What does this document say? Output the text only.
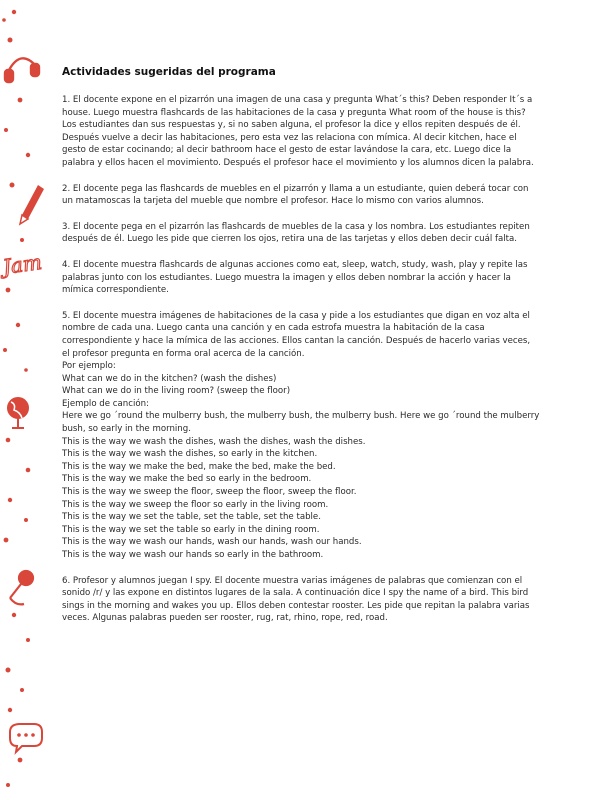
Jam
Actividades sugeridas del programa

1. El docente expone en el pizarrón una imagen de una casa y pregunta What´s this? Deben responder It´s a house. Luego muestra flashcards de las habitaciones de la casa y pregunta What room of the house is this? Los estudiantes dan sus respuestas y, si no saben alguna, el profesor la dice y ellos repiten después de él. Después vuelve a decir las habitaciones, pero esta vez las relaciona con mímica. Al decir kitchen, hace el gesto de estar cocinando; al decir bathroom hace el gesto de estar lavándose la cara, etc. Luego dice la palabra y ellos hacen el movimiento. Después el profesor hace el movimiento y los alumnos dicen la palabra.

2. El docente pega las flashcards de muebles en el pizarrón y llama a un estudiante, quien deberá tocar con un matamoscas la tarjeta del mueble que nombre el profesor. Hace lo mismo con varios alumnos.

3. El docente pega en el pizarrón las flashcards de muebles de la casa y los nombra. Los estudiantes repiten después de él. Luego les pide que cierren los ojos, retira una de las tarjetas y ellos deben decir cuál falta.

4. El docente muestra flashcards de algunas acciones como eat, sleep, watch, study, wash, play y repite las palabras junto con los estudiantes. Luego muestra la imagen y ellos deben nombrar la acción y hacer la mímica correspondiente.

5. El docente muestra imágenes de habitaciones de la casa y pide a los estudiantes que digan en voz alta el nombre de cada una. Luego canta una canción y en cada estrofa muestra la habitación de la casa correspondiente y hace la mímica de las acciones. Ellos cantan la canción. Después de hacerlo varias veces, el profesor pregunta en forma oral acerca de la canción.
Por ejemplo:
What can we do in the kitchen? (wash the dishes)
What can we do in the living room? (sweep the floor)
Ejemplo de canción:
Here we go ´round the mulberry bush, the mulberry bush, the mulberry bush. Here we go ´round the mulberry bush, so early in the morning.
This is the way we wash the dishes, wash the dishes, wash the dishes.
This is the way we wash the dishes, so early in the kitchen.
This is the way we make the bed, make the bed, make the bed.
This is the way we make the bed so early in the bedroom.
This is the way we sweep the floor, sweep the floor, sweep the floor.
This is the way we sweep the floor so early in the living room.
This is the way we set the table, set the table, set the table.
This is the way we set the table so early in the dining room.
This is the way we wash our hands, wash our hands, wash our hands.
This is the way we wash our hands so early in the bathroom.

6. Profesor y alumnos juegan I spy. El docente muestra varias imágenes de palabras que comienzan con el sonido /r/ y las expone en distintos lugares de la sala. A continuación dice I spy the name of a bird. This bird sings in the morning and wakes you up. Ellos deben contestar rooster. Les pide que repitan la palabra varias veces. Algunas palabras pueden ser rooster, rug, rat, rhino, rope, red, road.
